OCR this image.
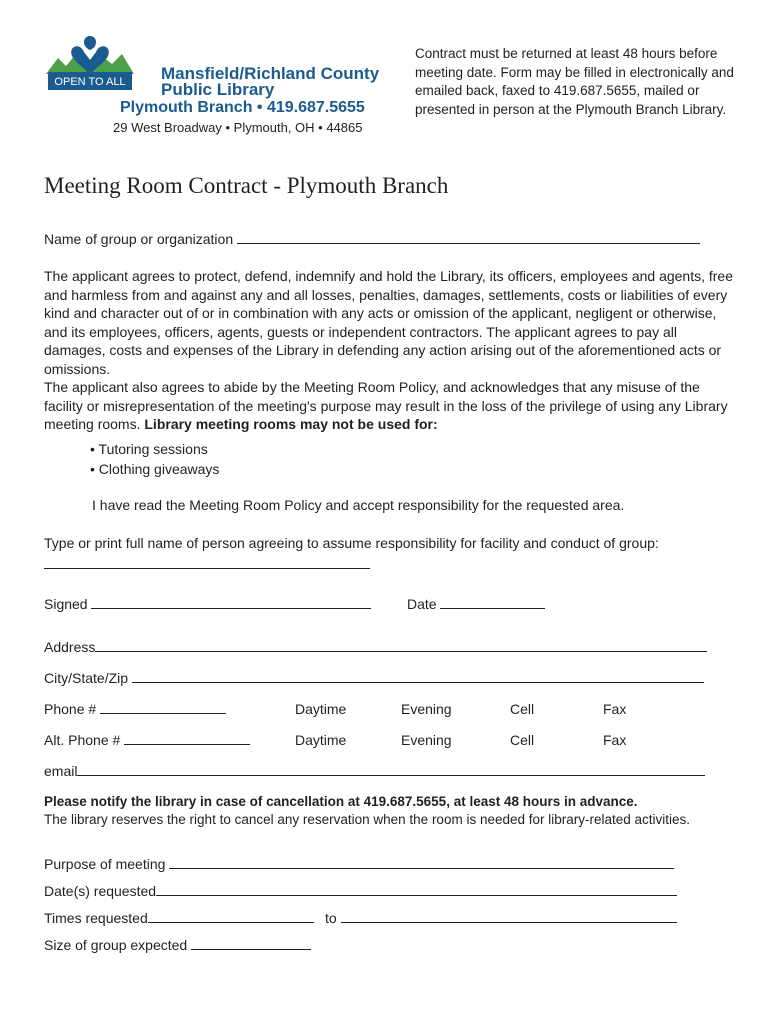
OPEN TO ALL Mansfield/Richland County
Public Library
Plymouth Branch • 419.687.5655
29 West Broadway • Plymouth, OH • 44865
Contract must be returned at least 48 hours before meeting date. Form may be filled in electronically and emailed back, faxed to 419.687.5655, mailed or presented in person at the Plymouth Branch Library.
Meeting Room Contract - Plymouth Branch
Name of group or organization

The applicant agrees to protect, defend, indemnify and hold the Library, its officers, employees and agents, free and harmless from and against any and all losses, penalties, damages, settlements, costs or liabilities of every kind and character out of or in combination with any acts or omission of the applicant, negligent or otherwise, and its employees, officers, agents, guests or independent contractors. The applicant agrees to pay all damages, costs and expenses of the Library in defending any action arising out of the aforementioned acts or omissions.

The applicant also agrees to abide by the Meeting Room Policy, and acknowledges that any misuse of the facility or misrepresentation of the meeting's purpose may result in the loss of the privilege of using any Library meeting rooms. Library meeting rooms may not be used for:

• Tutoring sessions
• Clothing giveaways
I have read the Meeting Room Policy and accept responsibility for the requested area.
Type or print full name of person agreeing to assume responsibility for facility and conduct of group:
Signed	Date
Address
City/State/Zip
Phone #	Daytime	Evening	Cell	Fax
Alt. Phone #	Daytime	Evening	Cell	Fax
email
Please notify the library in case of cancellation at 419.687.5655, at least 48 hours in advance.
The library reserves the right to cancel any reservation when the room is needed for library-related activities.
Purpose of meeting
Date(s) requested
Times requested	to
Size of group expected
